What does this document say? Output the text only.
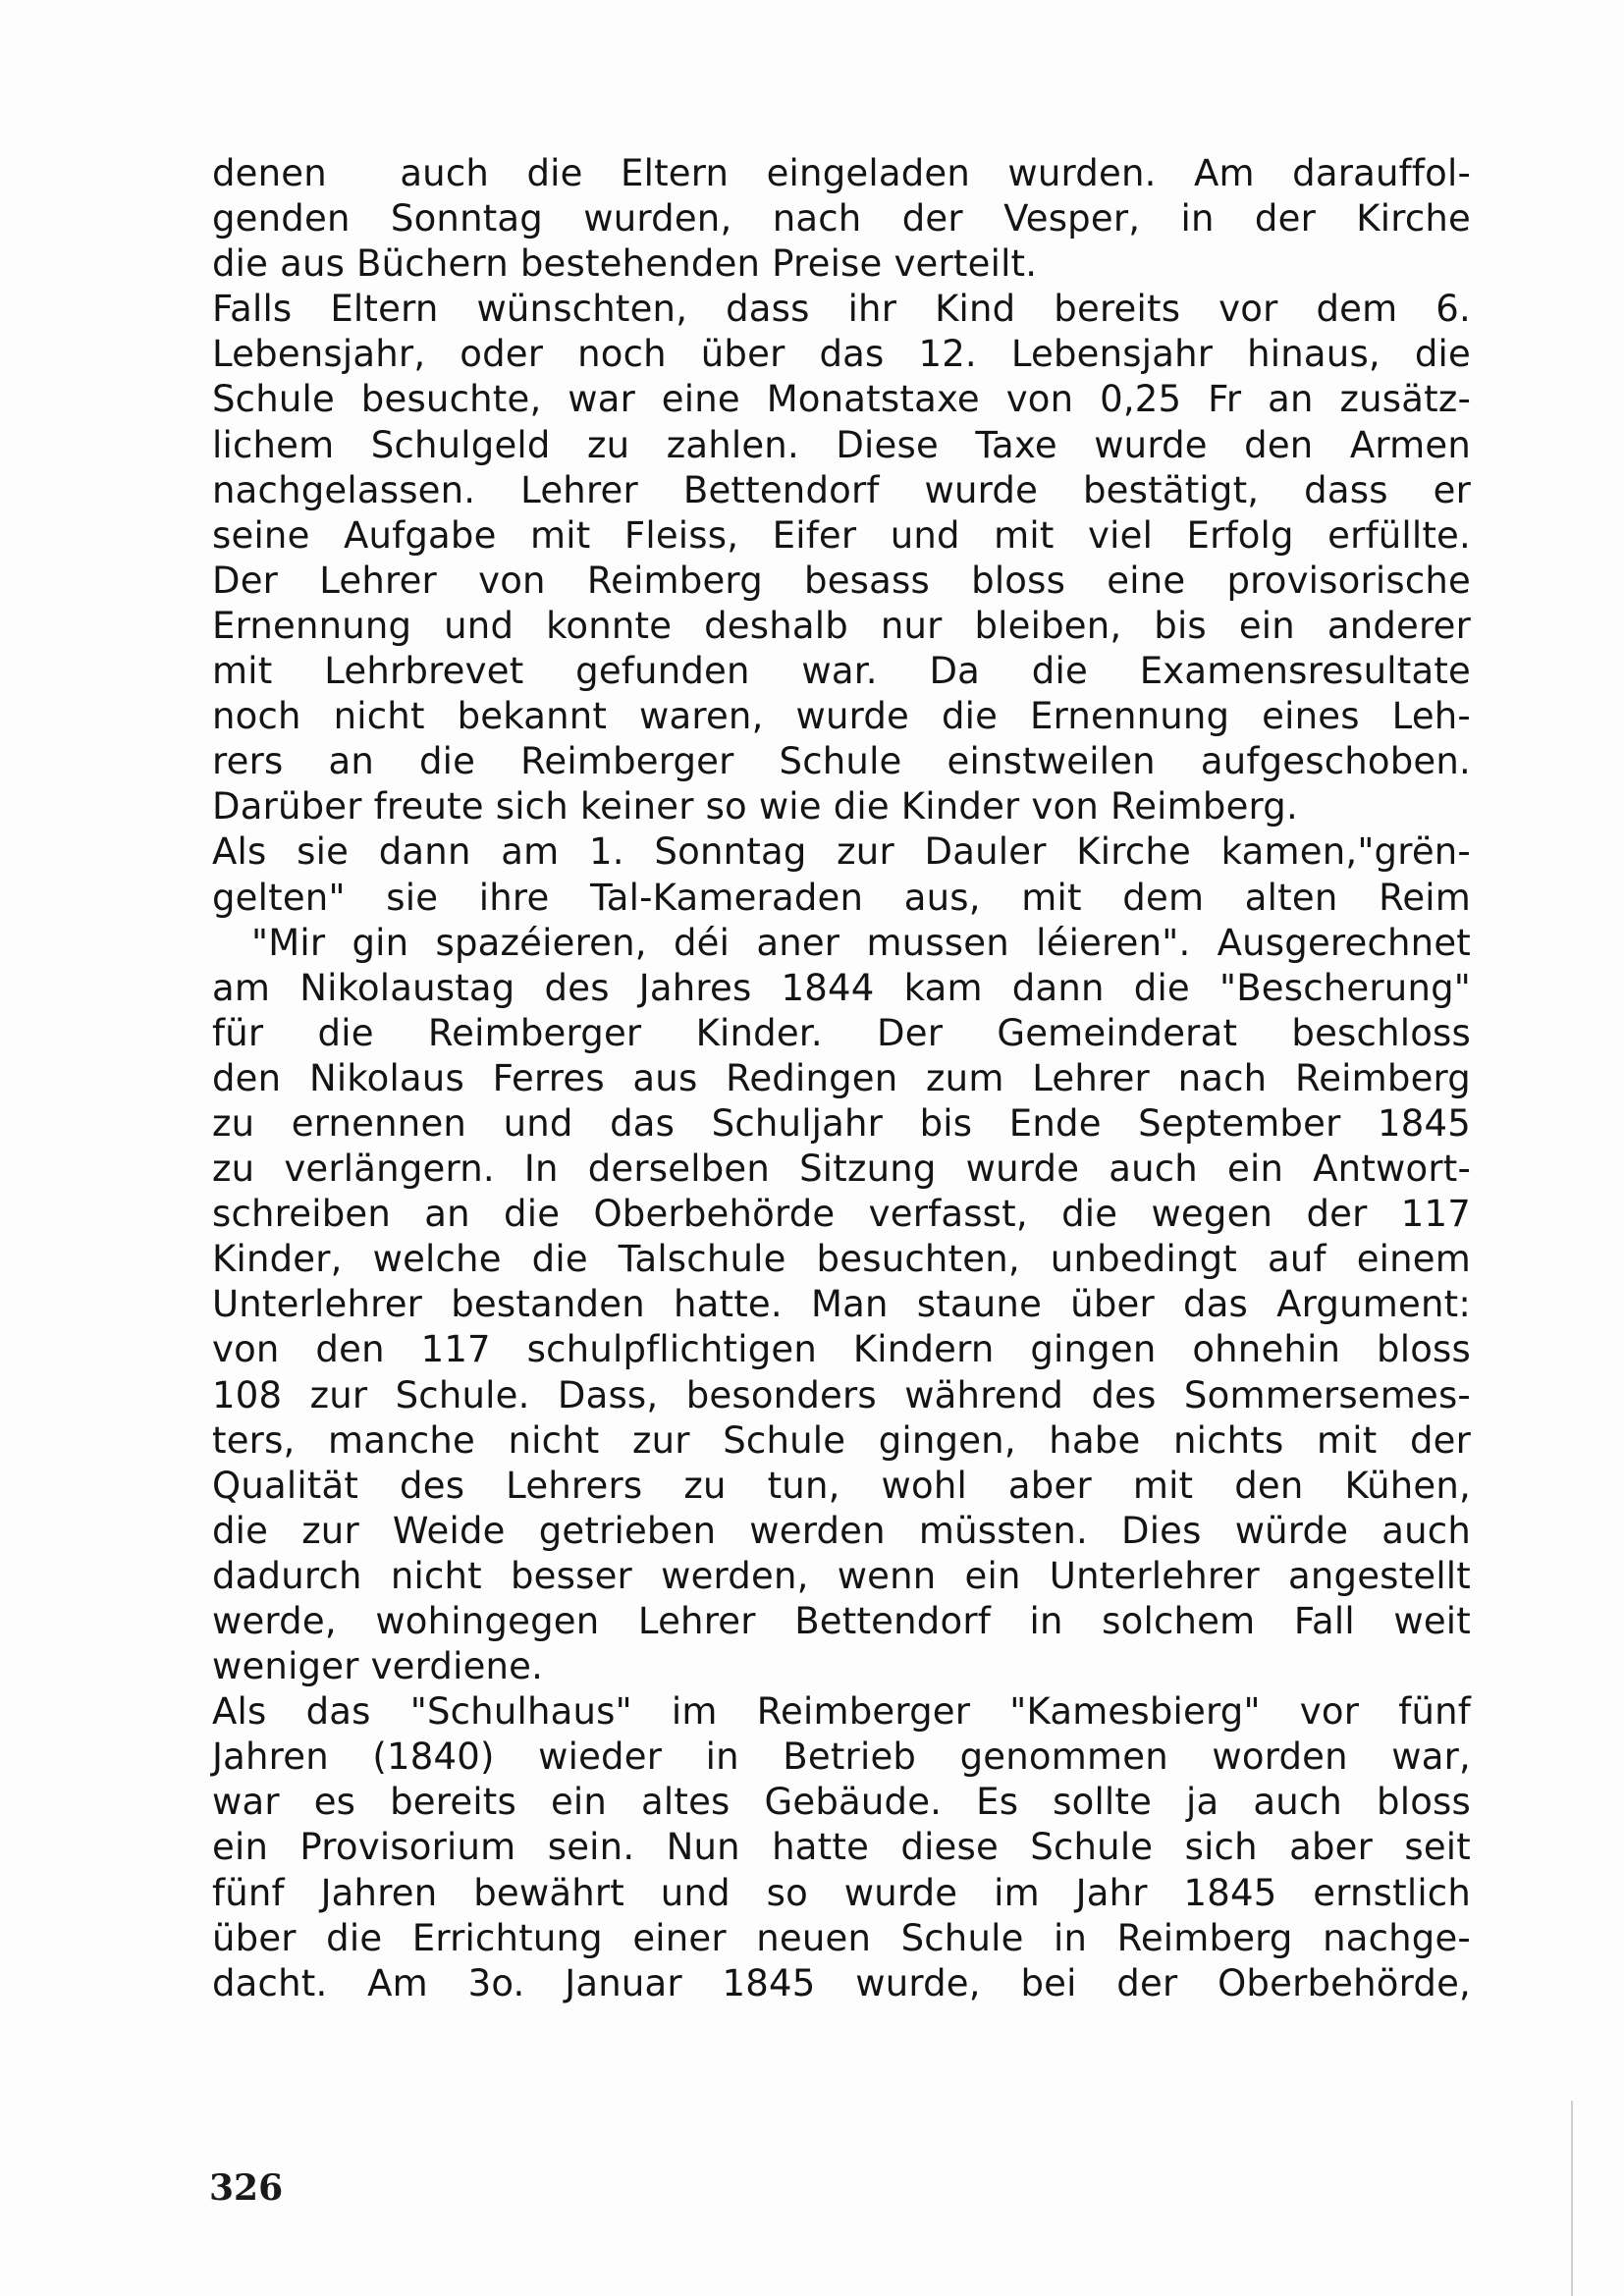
denen  auch die Eltern eingeladen wurden. Am darauffol-
genden Sonntag wurden, nach der Vesper, in der Kirche
die aus Büchern bestehenden Preise verteilt.
Falls Eltern wünschten, dass ihr Kind bereits vor dem 6.
Lebensjahr, oder noch über das 12. Lebensjahr hinaus, die
Schule besuchte, war eine Monatstaxe von 0,25 Fr an zusätz-
lichem Schulgeld zu zahlen. Diese Taxe wurde den Armen
nachgelassen. Lehrer Bettendorf wurde bestätigt, dass er
seine Aufgabe mit Fleiss, Eifer und mit viel Erfolg erfüllte.
Der Lehrer von Reimberg besass bloss eine provisorische
Ernennung und konnte deshalb nur bleiben, bis ein anderer
mit Lehrbrevet gefunden war. Da die Examensresultate
noch nicht bekannt waren, wurde die Ernennung eines Leh-
rers an die Reimberger Schule einstweilen aufgeschoben.
Darüber freute sich keiner so wie die Kinder von Reimberg.
Als sie dann am 1. Sonntag zur Dauler Kirche kamen,"grën-
gelten" sie ihre Tal-Kameraden aus, mit dem alten Reim
"Mir gin spazéieren, déi aner mussen léieren". Ausgerechnet
am Nikolaustag des Jahres 1844 kam dann die "Bescherung"
für die Reimberger Kinder. Der Gemeinderat beschloss
den Nikolaus Ferres aus Redingen zum Lehrer nach Reimberg
zu ernennen und das Schuljahr bis Ende September 1845
zu verlängern. In derselben Sitzung wurde auch ein Antwort-
schreiben an die Oberbehörde verfasst, die wegen der 117
Kinder, welche die Talschule besuchten, unbedingt auf einem
Unterlehrer bestanden hatte. Man staune über das Argument:
von den 117 schulpflichtigen Kindern gingen ohnehin bloss
108 zur Schule. Dass, besonders während des Sommersemes-
ters, manche nicht zur Schule gingen, habe nichts mit der
Qualität des Lehrers zu tun, wohl aber mit den Kühen,
die zur Weide getrieben werden müssten. Dies würde auch
dadurch nicht besser werden, wenn ein Unterlehrer angestellt
werde, wohingegen Lehrer Bettendorf in solchem Fall weit
weniger verdiene.
Als das "Schulhaus" im Reimberger "Kamesbierg" vor fünf
Jahren (1840) wieder in Betrieb genommen worden war,
war es bereits ein altes Gebäude. Es sollte ja auch bloss
ein Provisorium sein. Nun hatte diese Schule sich aber seit
fünf Jahren bewährt und so wurde im Jahr 1845 ernstlich
über die Errichtung einer neuen Schule in Reimberg nachge-
dacht. Am 3o. Januar 1845 wurde, bei der Oberbehörde,
326
